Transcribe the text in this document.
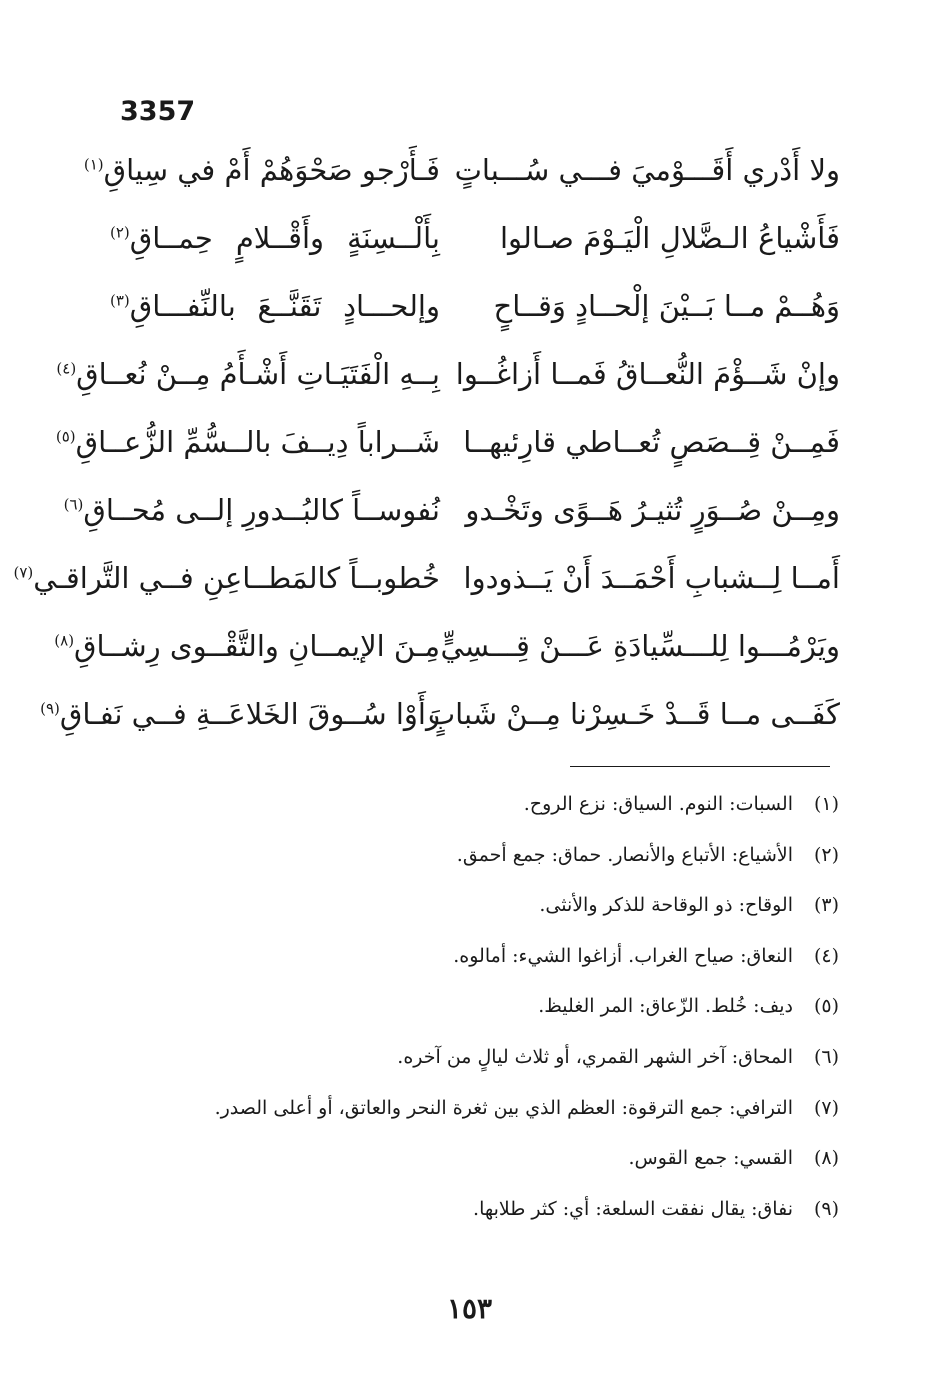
3357
ولا أَدْري أَقَـــوْميَ فـــي سُـــباتٍ
فَـأَرْجو صَحْوَهُمْ أَمْ في سِياقِ$^{(١)}$
فَأَشْياعُ الـضَّلالِ الْيَـوْمَ صـالوا
بِأَلْــسِنَةٍ وأَقْــلامٍ حِمــاقِ$^{(٢)}$
وَهُــمْ مــا بَــيْنَ إلْحــادٍ وَقــاحٍ
وإلحـــادٍ تَقَنَّــعَ بالنِّفـــاقِ$^{(٣)}$
وإنْ شَــؤْمَ النُّعــاقُ فَمــا أَزاغُــوا
بِــهِ الْفَتَيَـاتِ أَشْـأَمُ مِــنْ نُعــاقِ$^{(٤)}$
فَمِــنْ قِــصَصٍ تُعــاطي قارِئيهــا
شَــراباً دِيــفَ بالــسُّمِّ الزُّعــاقِ$^{(٥)}$
ومِــنْ صُــوَرٍ تُثيـرُ هَــوًى وتَخْـدو
نُفوســاً كالبُــدورِ إلــى مُحــاقِ$^{(٦)}$
أَمــا لِــشبابِ أَحْمَــدَ أَنْ يَــذودوا
خُطوبــاً كالمَطــاعِنِ فــي التَّراقـي$^{(٧)}$
ويَرْمُـــوا لِلـــسِّيادَةِ عَـــنْ قِـــسِيٍّ
مِـنَ الإيمــانِ والتَّقْــوى رِشــاقِ$^{(٨)}$
كَفَــى مــا قَــدْ خَـسِرْنا مِــنْ شَبابٍ
رَأَوْا سُــوقَ الخَلاعَــةِ فــي نَفـاقِ$^{(٩)}$
(١)السبات: النوم. السياق: نزع الروح.
(٢)الأشياع: الأتباع والأنصار. حماق: جمع أحمق.
(٣)الوقاح: ذو الوقاحة للذكر والأنثى.
(٤)النعاق: صياح الغراب. أزاغوا الشيء: أمالوه.
(٥)ديف: خُلط. الزّعاق: المر الغليظ.
(٦)المحاق: آخر الشهر القمري، أو ثلاث ليالٍ من آخره.
(٧)الترافي: جمع الترقوة: العظم الذي بين ثغرة النحر والعاتق، أو أعلى الصدر.
(٨)القسي: جمع القوس.
(٩)نفاق: يقال نفقت السلعة: أي: كثر طلابها.
١٥٣
